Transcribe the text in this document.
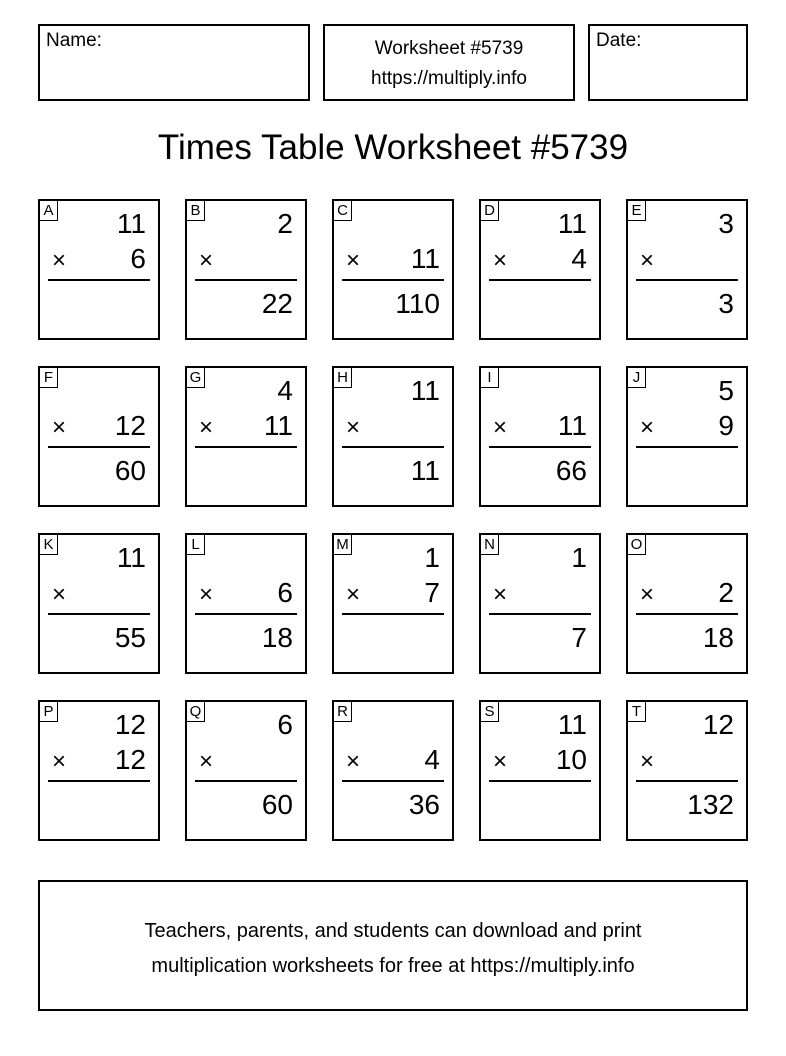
Name:	Worksheet #5739
https://multiply.info
Date:
Times Table Worksheet #5739
A 11
× 6
B	2
×
22
C
× 11
110
D 11
× 4
E	3
×
3
F
× 12
60
G	4
× 11
H 11
×
11
I
× 11
66
J	5
× 9
K 11
×
55
L
× 6
18
M	1
× 7
N	1
×
7
O
× 2
18
P 12
× 12
Q	6
×
60
R
× 4
36
S 11
× 10
T 12
×
132
Teachers, parents, and students can download and print
multiplication worksheets for free at https://multiply.info
